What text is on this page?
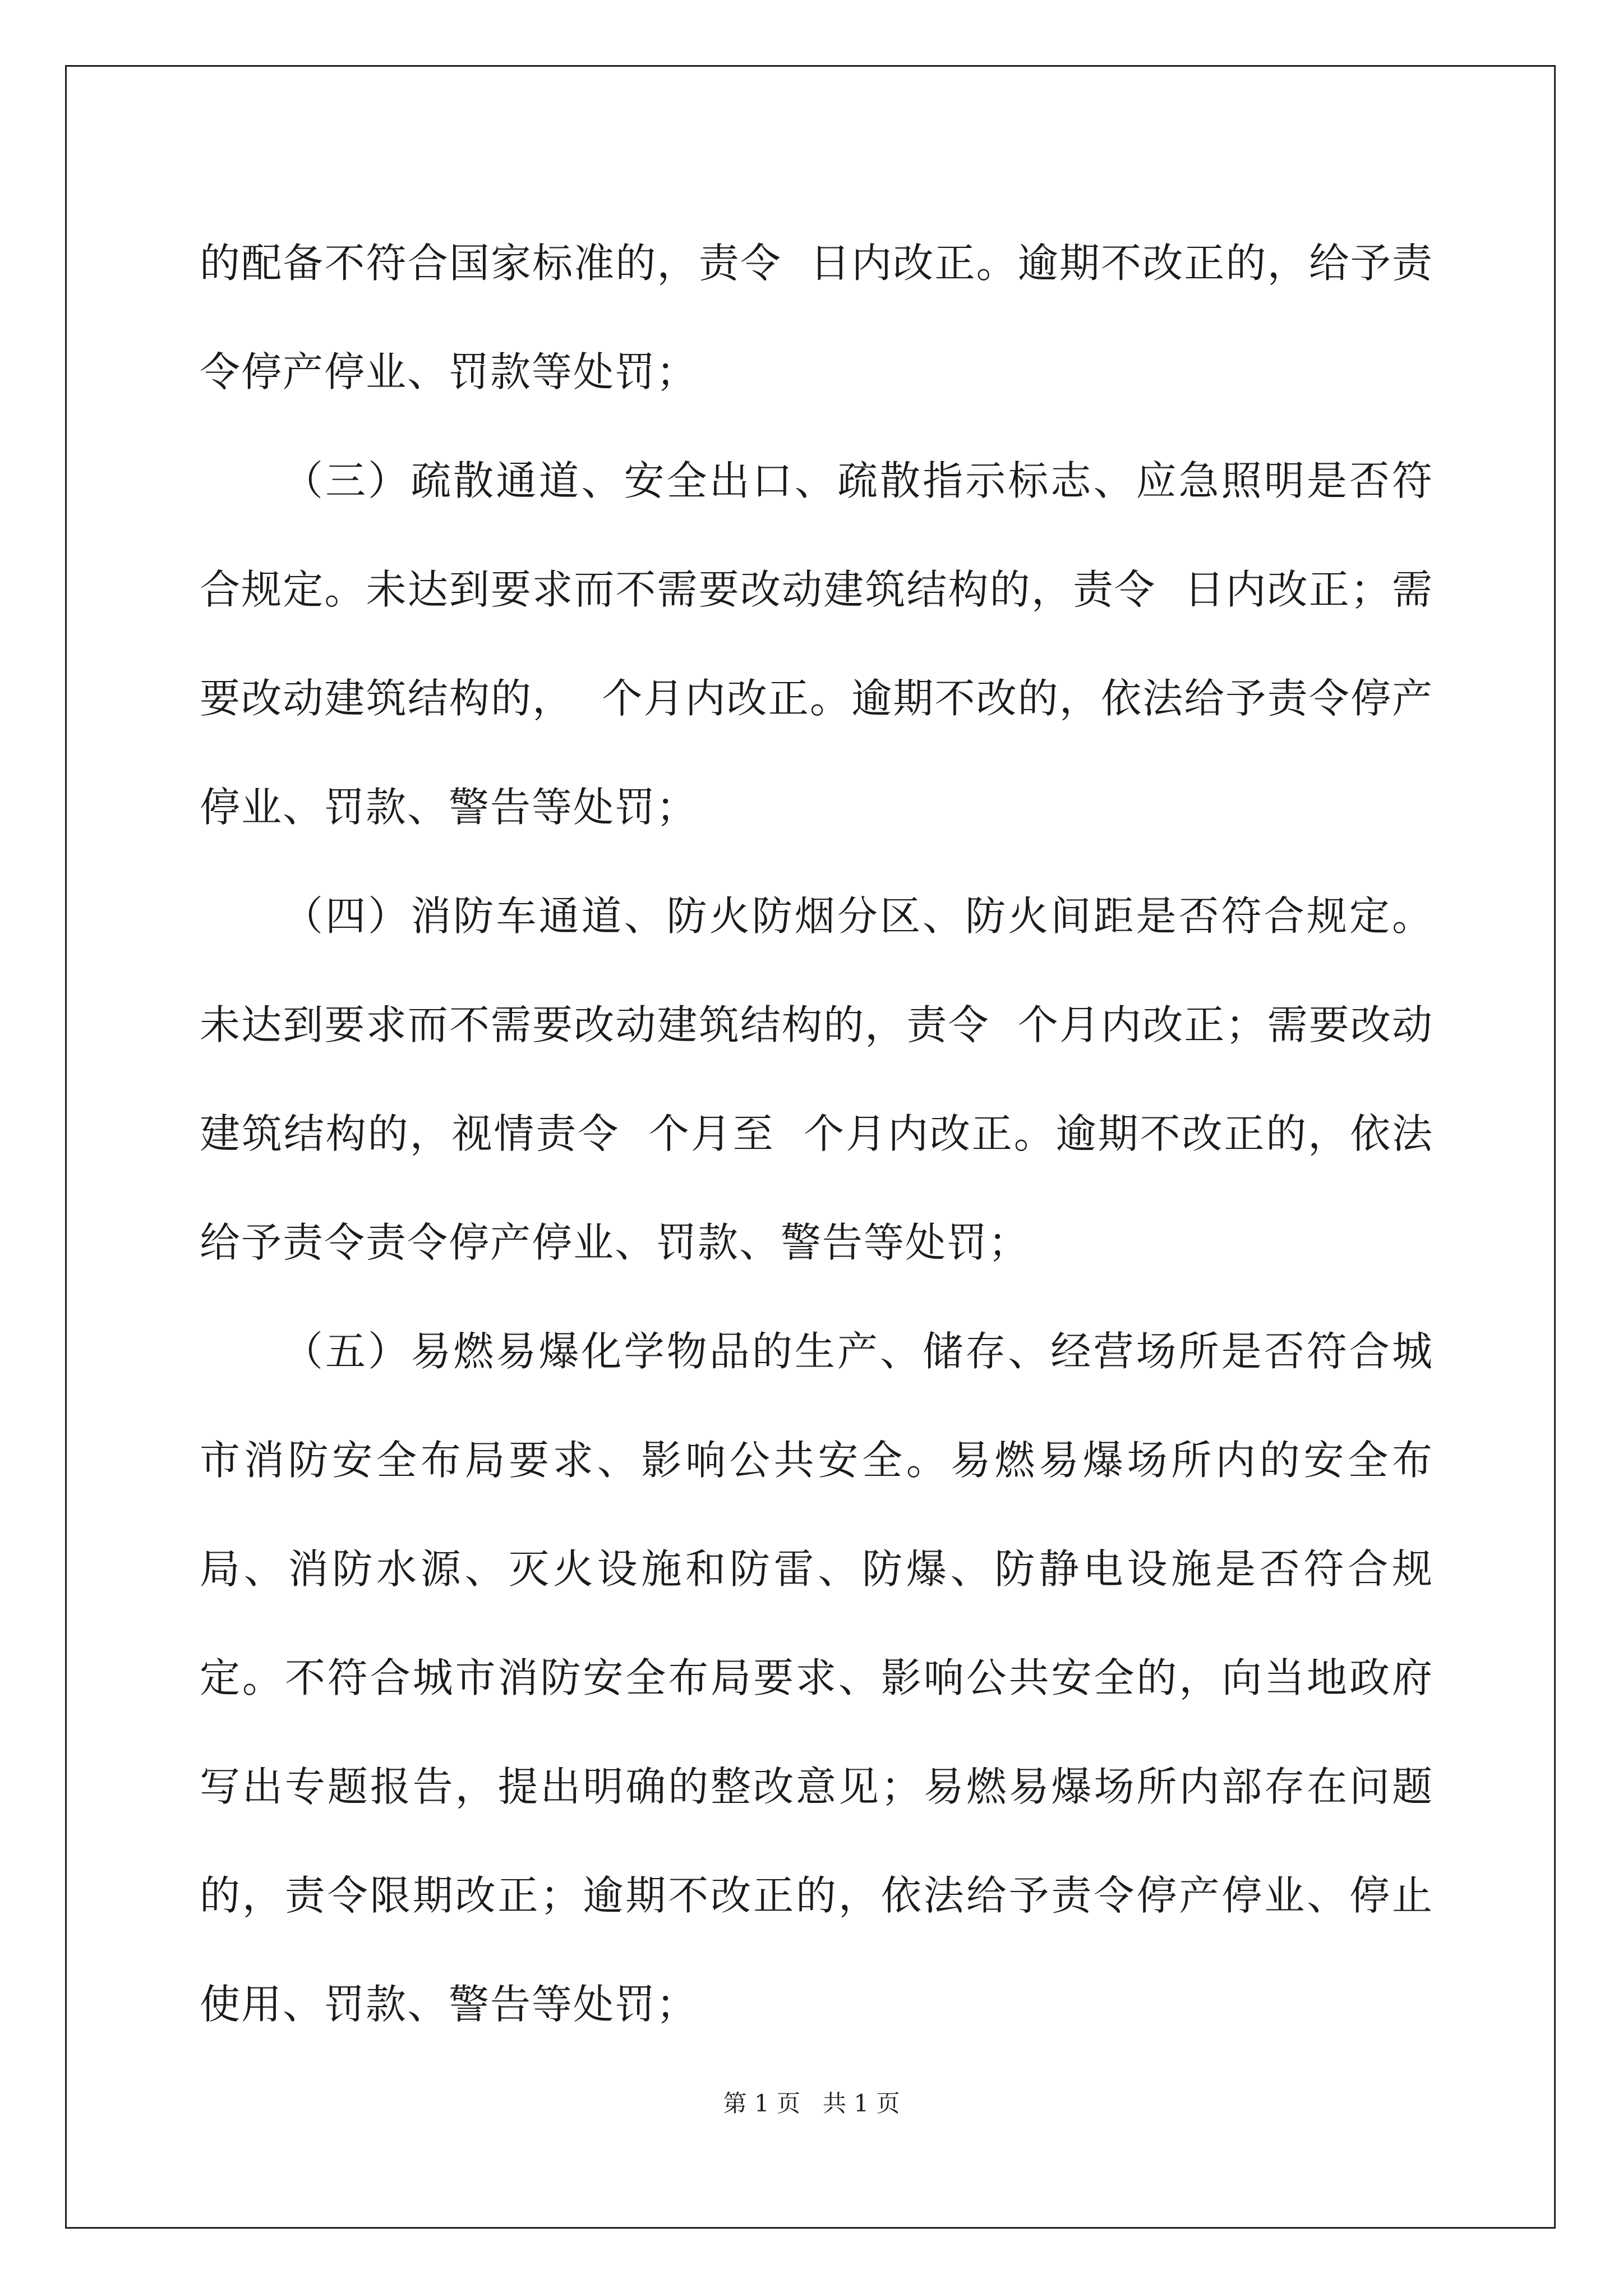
的配备不符合国家标准的，责令  日内改正。逾期不改正的，给予责令停产停业、罚款等处罚；

（三）疏散通道、安全出口、疏散指示标志、应急照明是否符合规定。未达到要求而不需要改动建筑结构的，责令  日内改正；需要改动建筑结构的，  个月内改正。逾期不改的，依法给予责令停产停业、罚款、警告等处罚；

（四）消防车通道、防火防烟分区、防火间距是否符合规定。未达到要求而不需要改动建筑结构的，责令  个月内改正；需要改动建筑结构的，视情责令  个月至  个月内改正。逾期不改正的，依法给予责令责令停产停业、罚款、警告等处罚；

（五）易燃易爆化学物品的生产、储存、经营场所是否符合城市消防安全布局要求、影响公共安全。易燃易爆场所内的安全布局、消防水源、灭火设施和防雷、防爆、防静电设施是否符合规定。不符合城市消防安全布局要求、影响公共安全的，向当地政府写出专题报告，提出明确的整改意见；易燃易爆场所内部存在问题的，责令限期改正；逾期不改正的，依法给予责令停产停业、停止使用、罚款、警告等处罚；

第 1 页   共 1 页
